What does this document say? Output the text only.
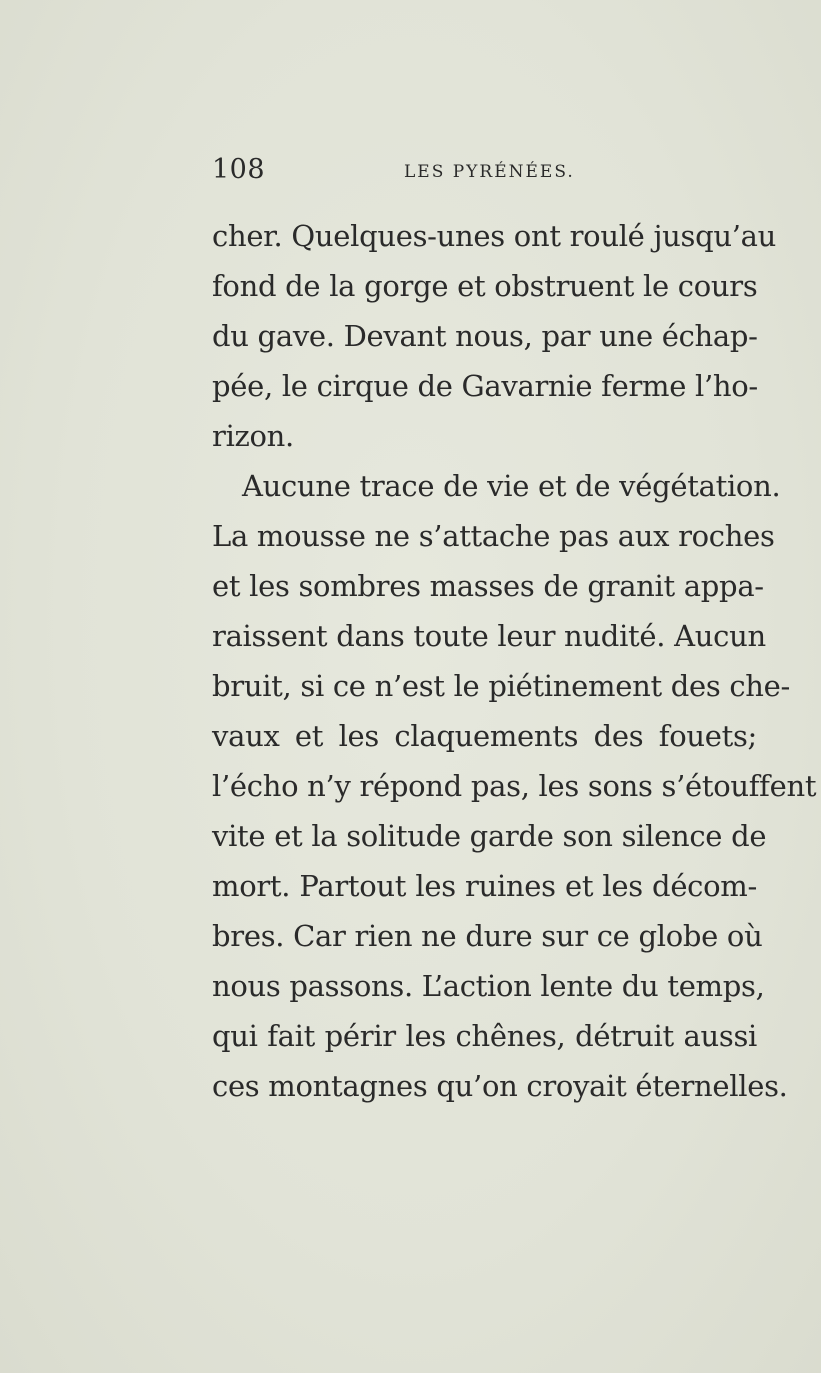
108	LES PYRÉNÉES.
cher. Quelques-unes ont roulé jusqu’au
fond de la gorge et obstruent le cours
du gave. Devant nous, par une échap-
pée, le cirque de Gavarnie ferme l’ho-
rizon.
Aucune trace de vie et de végétation.
La mousse ne s’attache pas aux roches
et les sombres masses de granit appa-
raissent dans toute leur nudité. Aucun
bruit, si ce n’est le piétinement des che-
vaux et les claquements des fouets;
l’écho n’y répond pas, les sons s’étouffent
vite et la solitude garde son silence de
mort. Partout les ruines et les décom-
bres. Car rien ne dure sur ce globe où
nous passons. L’action lente du temps,
qui fait périr les chênes, détruit aussi
ces montagnes qu’on croyait éternelles.
